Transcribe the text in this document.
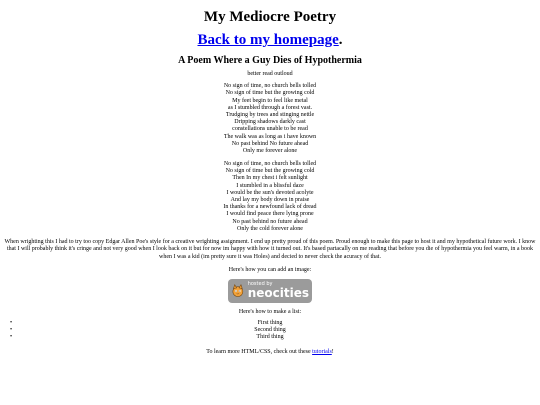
My Mediocre Poetry
Back to my homepage.
A Poem Where a Guy Dies of Hypothermia
better read outloud
No sign of time, no church bells tolled
No sign of time but the growing cold
My feet begin to feel like metal
as I stumbled through a forest vast.
Trudging by trees and stinging nettle
Dripping shadows darkly cast
constellations unable to be read
The walk was as long as i have known
No past behind No future ahead
Only me forever alone
No sign of time, no church bells tolled
No sign of time but the growing cold
Then In my chest i felt sunlight
I stumbled in a blissful daze
I would be the sun's devoted acolyte
And lay my body down in praise
In thanks for a newfound lack of dread
I would find peace there lying prone
No past behind no future ahead
Only the cold forever alone
When wrighting this I had to try too copy Edgar Allen Poe's style for a creative wrighting assignment. I end up pretty proud of this poem. Proud enough to make this page to host it and my hypothetical future work. I know that I will probably think it's cringe and not very good when I look back on it but for now im happy with how it turned out. It's based partacally on me reading that before you die of hypothermia you feel warm, in a book when I was a kid (im pretty sure it was Holes) and decied to never check the acuracy of that.
Here's how you can add an image:
hosted by
neocities
Here's how to make a list:
•
•
•
First thing
Second thing
Third thing
To learn more HTML/CSS, check out these tutorials!
